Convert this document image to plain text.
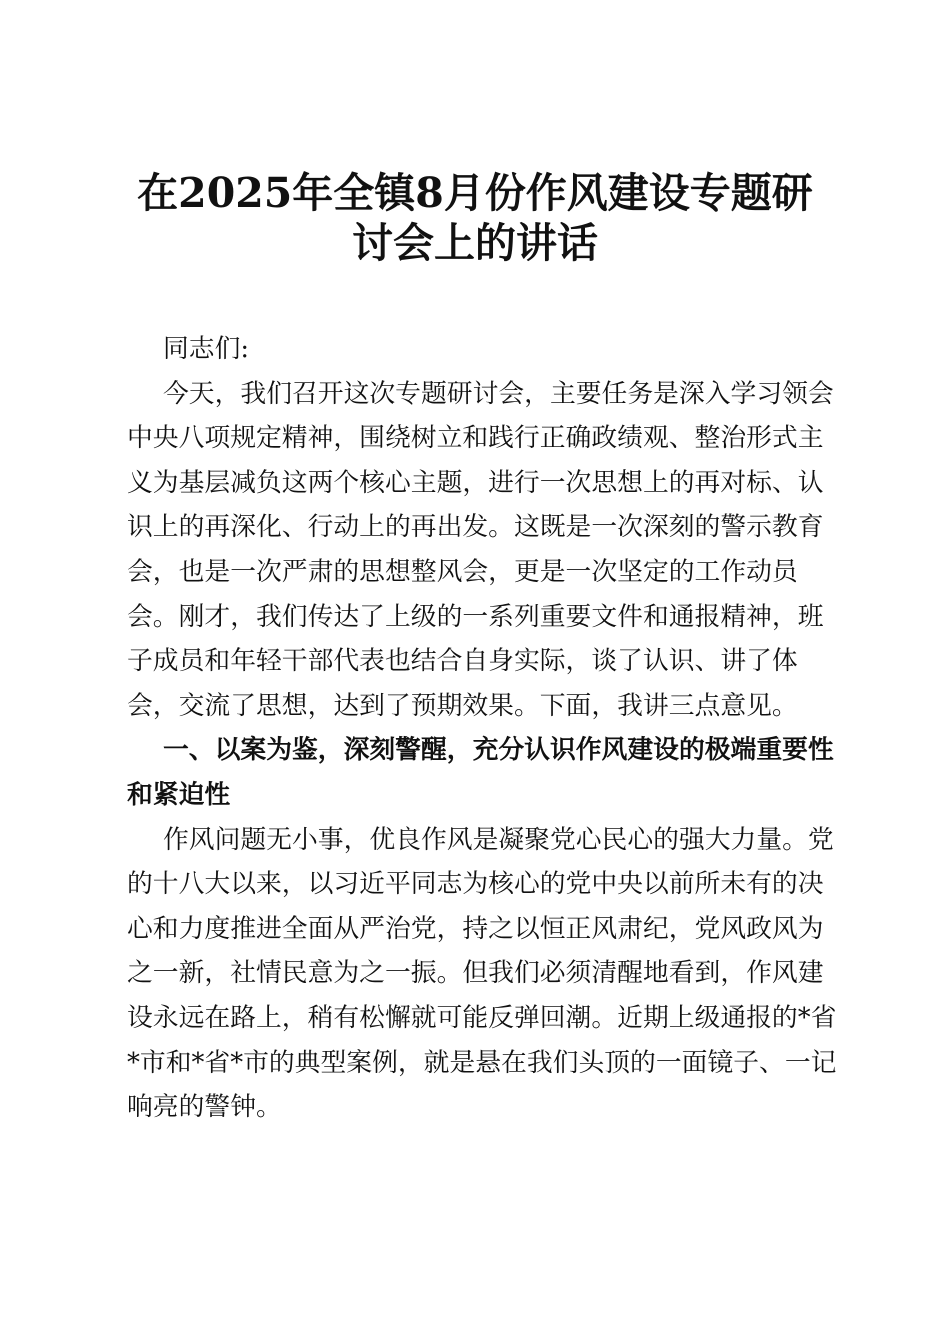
在2025年全镇8月份作风建设专题研
讨会上的讲话
同志们:
今天，我们召开这次专题研讨会，主要任务是深入学习领会
中央八项规定精神，围绕树立和践行正确政绩观、整治形式主
义为基层减负这两个核心主题，进行一次思想上的再对标、认
识上的再深化、行动上的再出发。这既是一次深刻的警示教育
会，也是一次严肃的思想整风会，更是一次坚定的工作动员
会。刚才，我们传达了上级的一系列重要文件和通报精神，班
子成员和年轻干部代表也结合自身实际，谈了认识、讲了体
会，交流了思想，达到了预期效果。下面，我讲三点意见。
一、以案为鉴，深刻警醒，充分认识作风建设的极端重要性
和紧迫性
作风问题无小事，优良作风是凝聚党心民心的强大力量。党
的十八大以来，以习近平同志为核心的党中央以前所未有的决
心和力度推进全面从严治党，持之以恒正风肃纪，党风政风为
之一新，社情民意为之一振。但我们必须清醒地看到，作风建
设永远在路上，稍有松懈就可能反弹回潮。近期上级通报的*省
*市和*省*市的典型案例，就是悬在我们头顶的一面镜子、一记
响亮的警钟。
